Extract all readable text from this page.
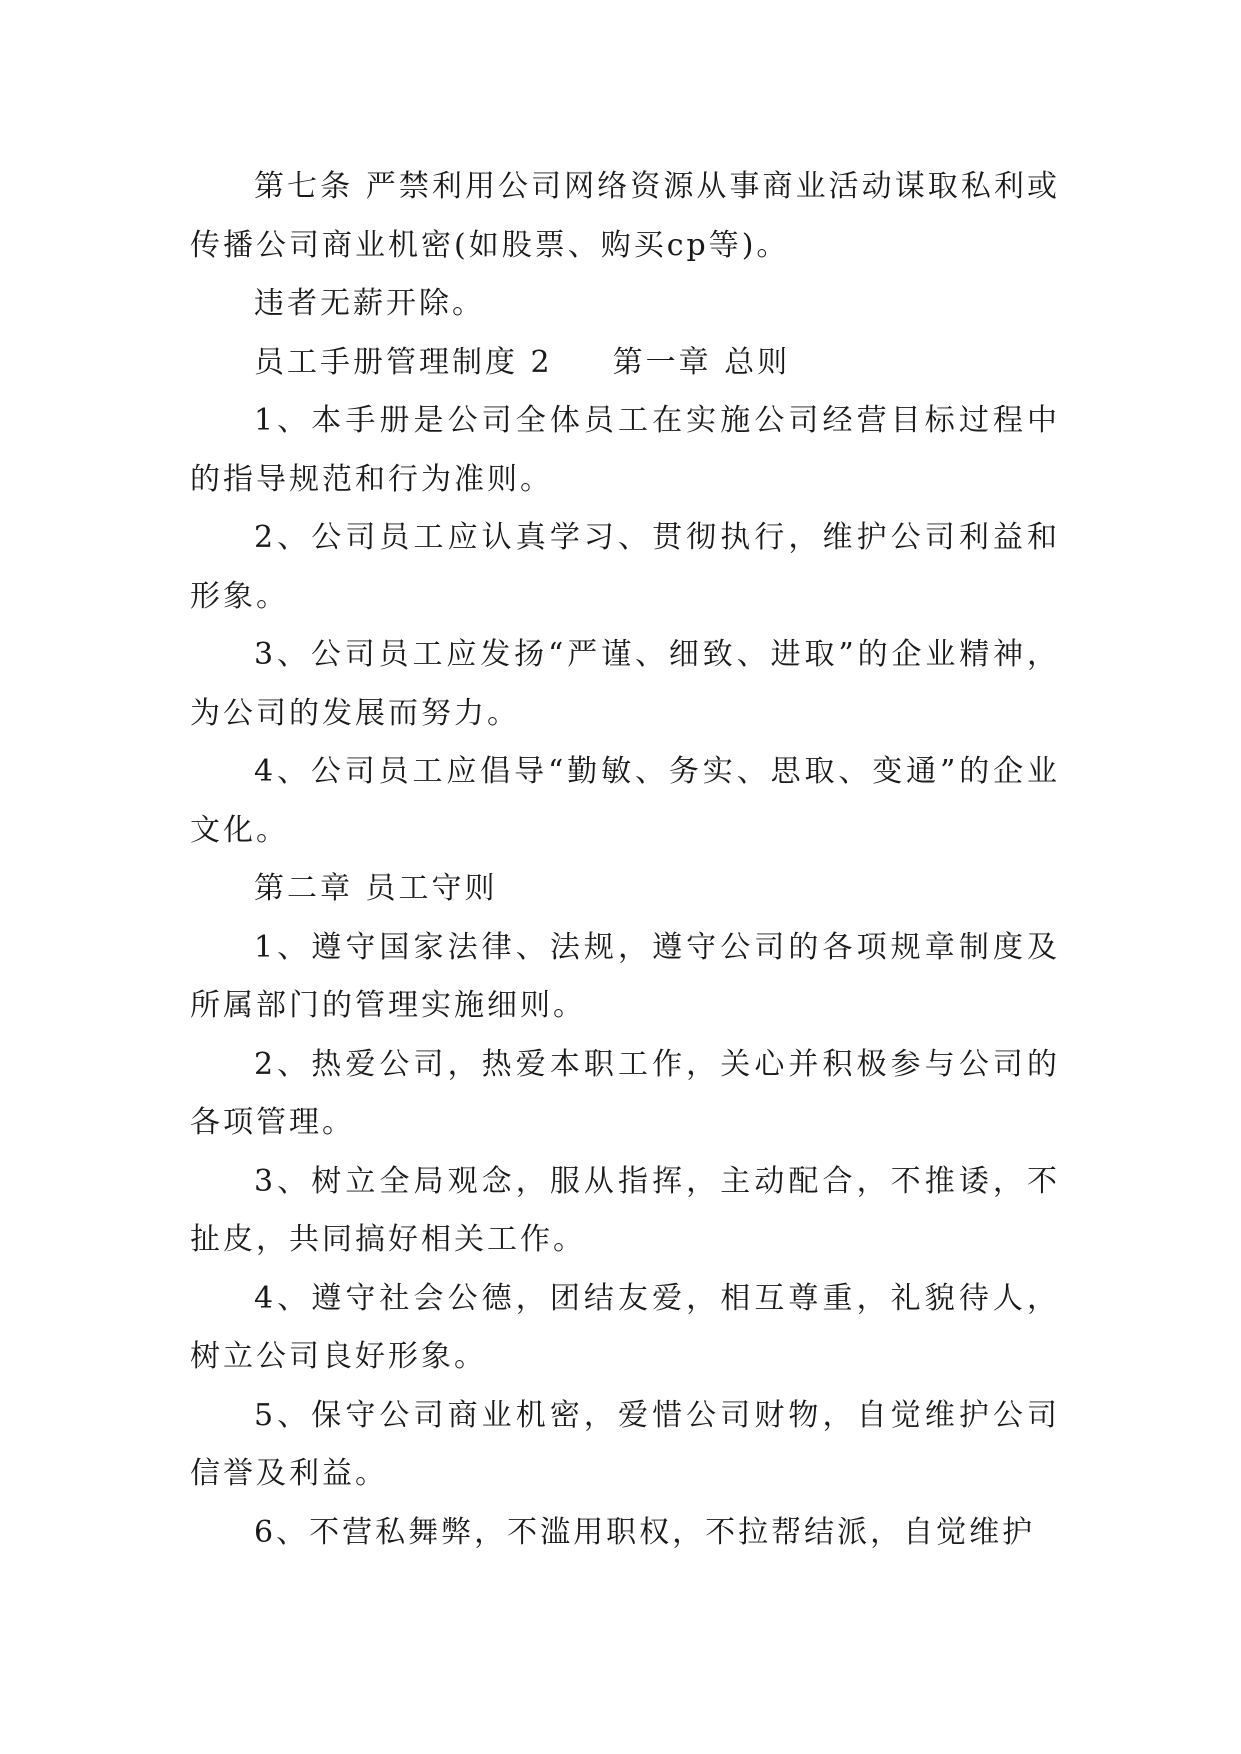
第七条 严禁利用公司网络资源从事商业活动谋取私利或传播公司商业机密(如股票、购买cp等)。

违者无薪开除。

员工手册管理制度 2 第一章 总则

1、本手册是公司全体员工在实施公司经营目标过程中的指导规范和行为准则。

2、公司员工应认真学习、贯彻执行，维护公司利益和形象。

3、公司员工应发扬“严谨、细致、进取”的企业精神，为公司的发展而努力。

4、公司员工应倡导“勤敏、务实、思取、变通”的企业文化。

第二章 员工守则

1、遵守国家法律、法规，遵守公司的各项规章制度及所属部门的管理实施细则。

2、热爱公司，热爱本职工作，关心并积极参与公司的各项管理。

3、树立全局观念，服从指挥，主动配合，不推诿，不扯皮，共同搞好相关工作。

4、遵守社会公德，团结友爱，相互尊重，礼貌待人，树立公司良好形象。

5、保守公司商业机密，爱惜公司财物，自觉维护公司信誉及利益。

6、不营私舞弊，不滥用职权，不拉帮结派，自觉维护
